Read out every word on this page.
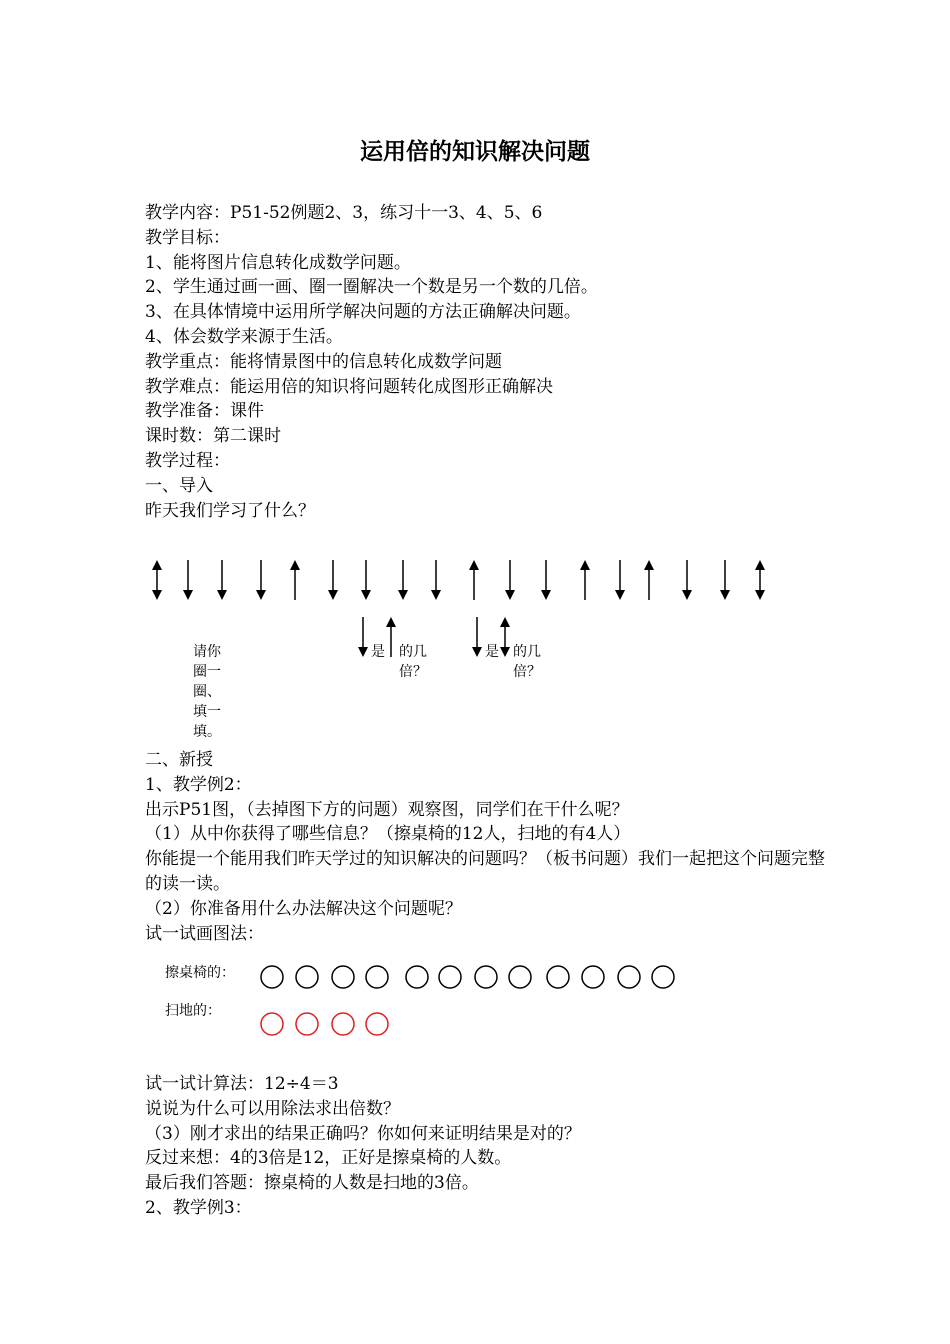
运用倍的知识解决问题
教学内容：P51-52例题2、3，练习十一3、4、5、6
教学目标：
1、能将图片信息转化成数学问题。
2、学生通过画一画、圈一圈解决一个数是另一个数的几倍。
3、在具体情境中运用所学解决问题的方法正确解决问题。
4、体会数学来源于生活。
教学重点：能将情景图中的信息转化成数学问题
教学难点：能运用倍的知识将问题转化成图形正确解决
教学准备：课件
课时数：第二课时
教学过程：
一、导入
昨天我们学习了什么？
请你圈一圈、填一填。
是 的几倍？
是 的几倍？
二、新授
1、教学例2：
出示P51图，（去掉图下方的问题）观察图，同学们在干什么呢？
（1）从中你获得了哪些信息？（擦桌椅的12人，扫地的有4人）
你能提一个能用我们昨天学过的知识解决的问题吗？（板书问题）我们一起把这个问题完整的读一读。
（2）你准备用什么办法解决这个问题呢？
试一试画图法：
擦桌椅的：
扫地的：
试一试计算法：12÷4＝3
说说为什么可以用除法求出倍数？
（3）刚才求出的结果正确吗？你如何来证明结果是对的？
反过来想：4的3倍是12，正好是擦桌椅的人数。
最后我们答题：擦桌椅的人数是扫地的3倍。
2、教学例3：
